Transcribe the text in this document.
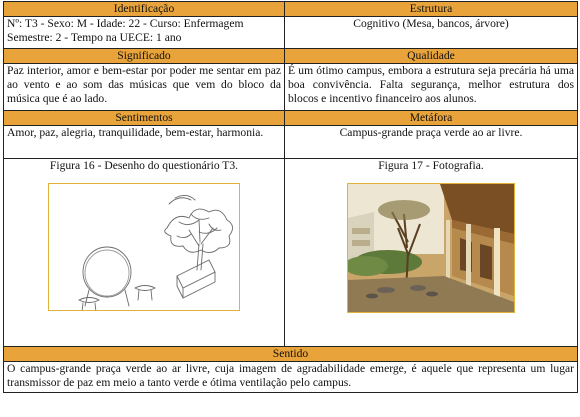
Identificação	Estrutura

Nº: T3 - Sexo: M - Idade: 22 - Curso: Enfermagem
Semestre: 2 - Tempo na UECE: 1 ano	Cognitivo (Mesa, bancos, árvore)
Significado	Qualidade
Paz interior, amor e bem-estar por poder me sentar em paz ao vento e ao som das músicas que vem do bloco da música que é ao lado.	É um ótimo campus, embora a estrutura seja precária há uma boa convivência. Falta segurança, melhor estrutura dos blocos e incentivo financeiro aos alunos.
Sentimentos	Metáfora
Amor, paz, alegria, tranquilidade, bem-estar, harmonia.	Campus-grande praça verde ao ar livre.

Figura 16 - Desenho do questionário T3.	Figura 17 - Fotografia.

Sentido	
O campus-grande praça verde ao ar livre, cuja imagem de agradabilidade emerge, é aquele que representa um lugar transmissor de paz em meio a tanto verde e ótima ventilação pelo campus.	
